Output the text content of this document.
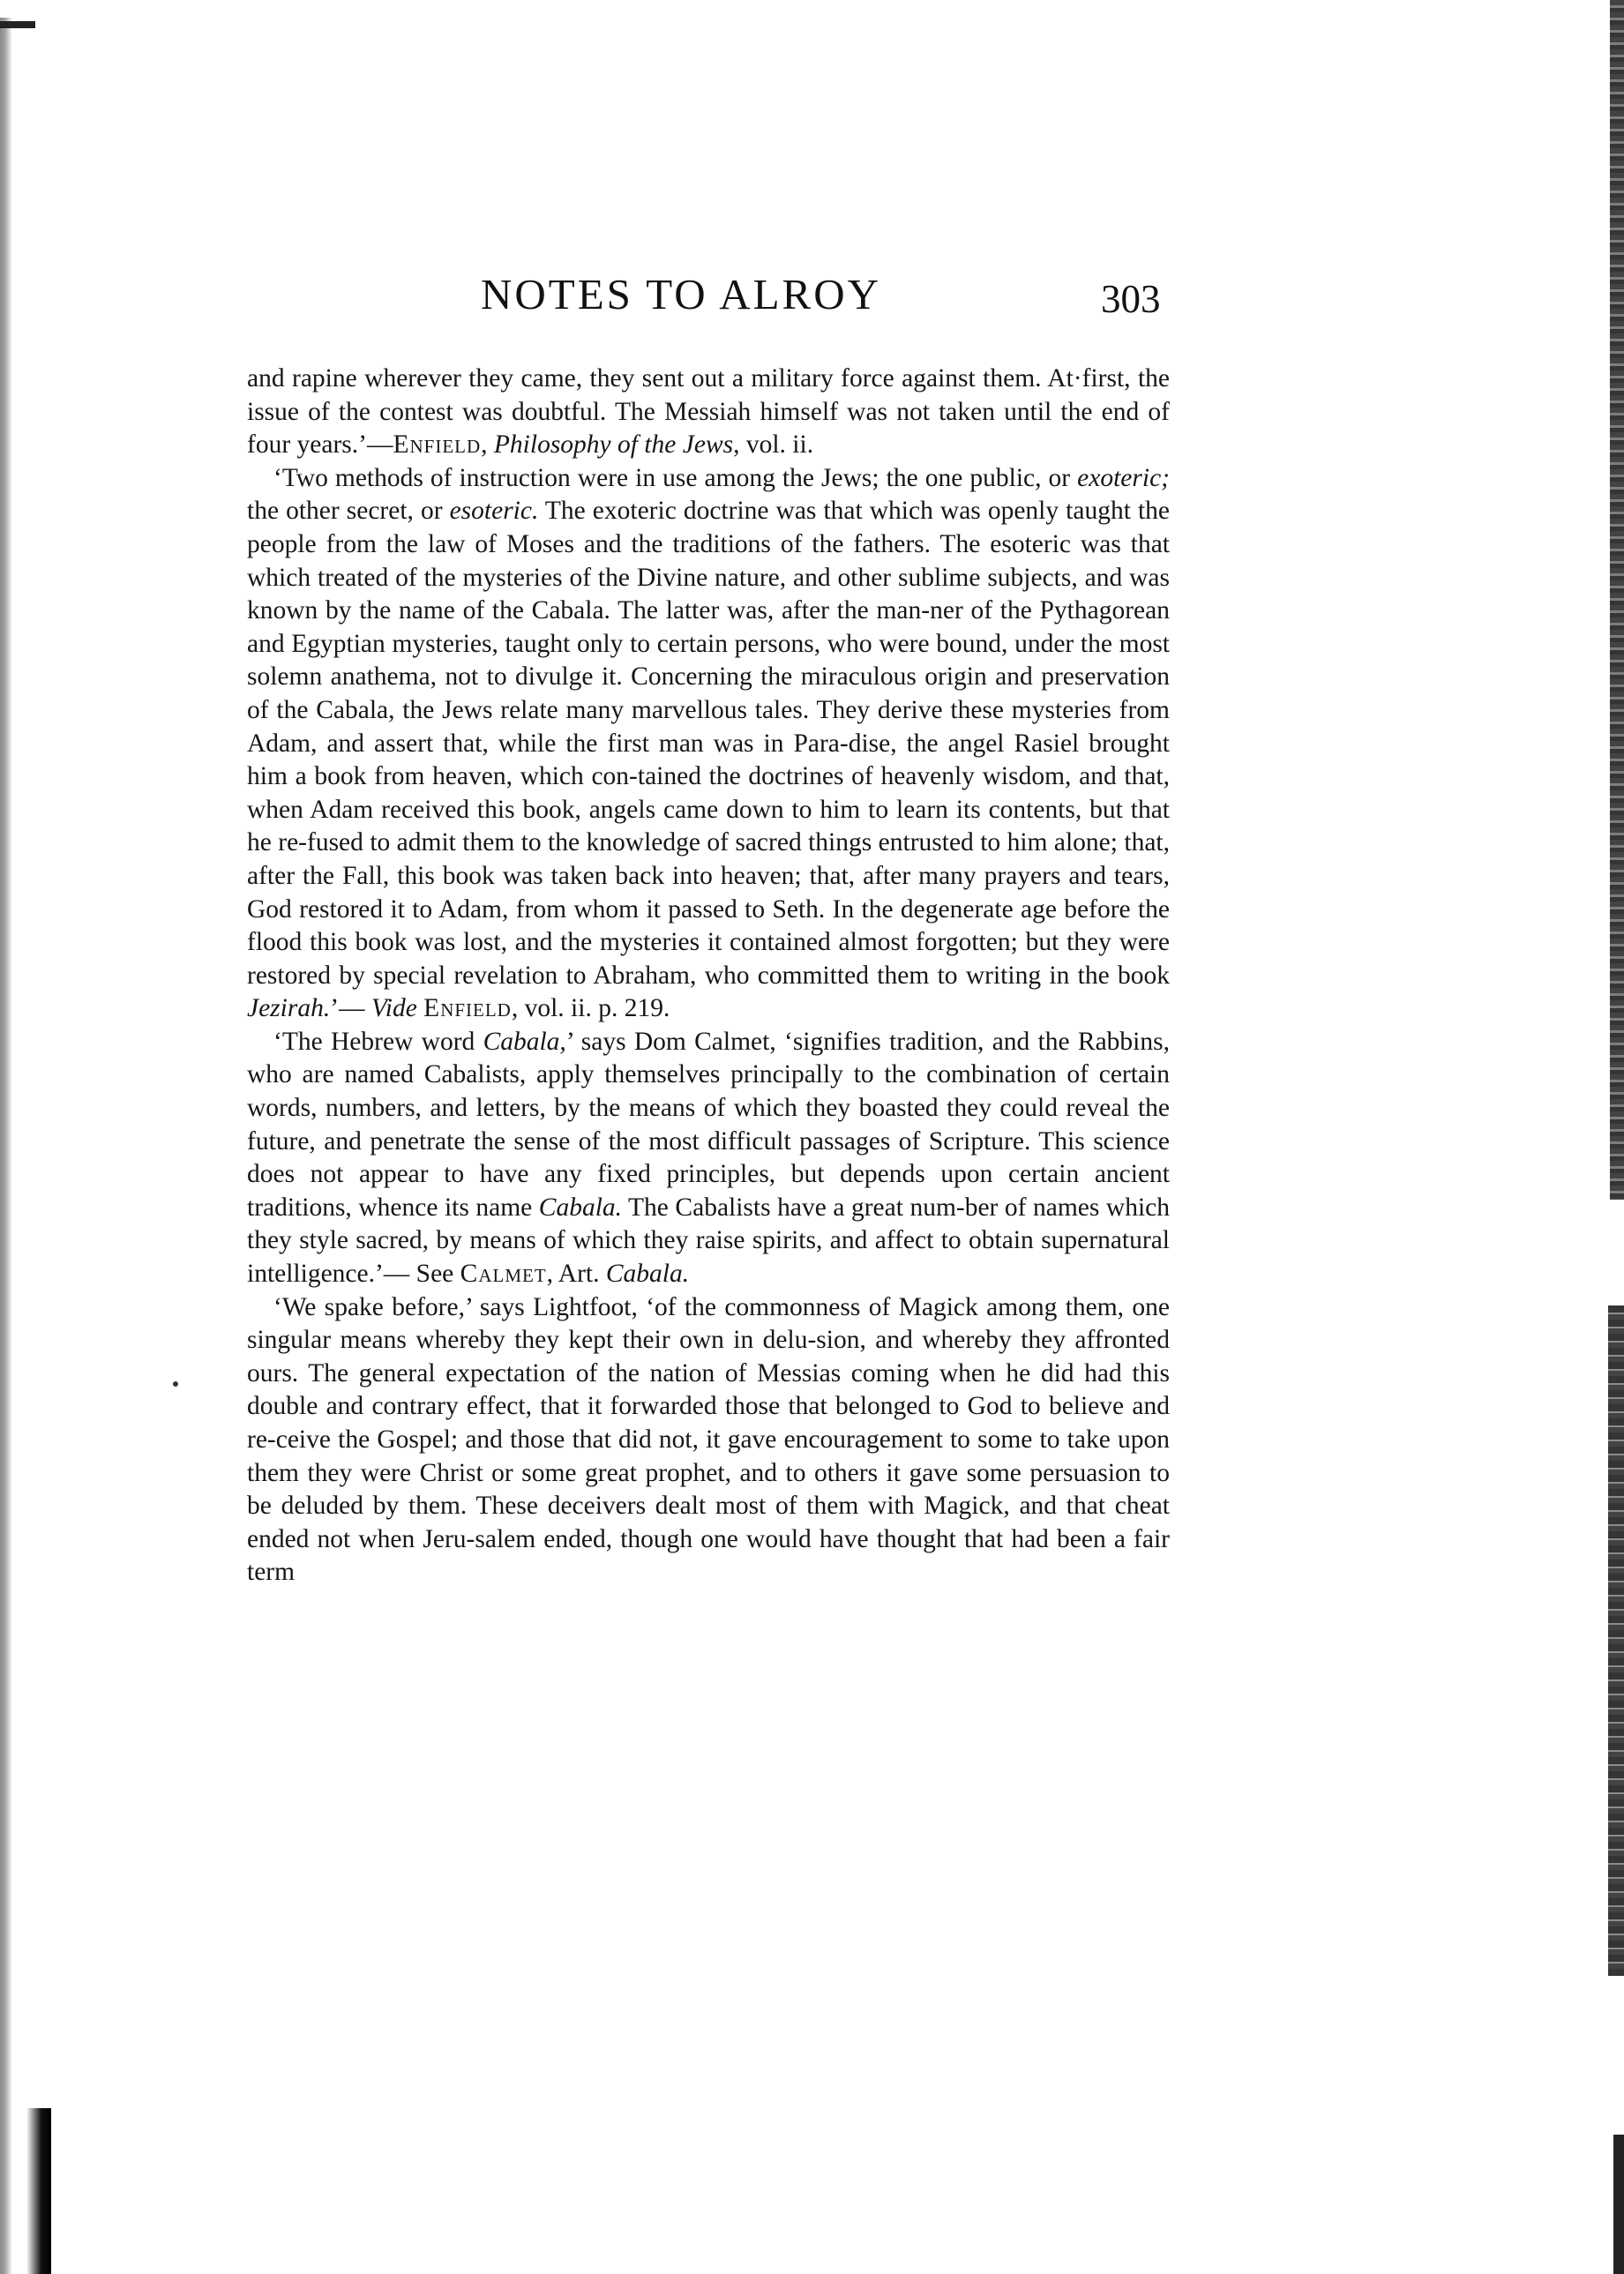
NOTES TO ALROY	303

and rapine wherever they came, they sent out a military force against them. At·first, the issue of the contest was doubtful. The Messiah himself was not taken until the end of four years.’—Enfield, Philosophy of the Jews, vol. ii.

‘Two methods of instruction were in use among the Jews; the one public, or exoteric; the other secret, or esoteric. The exoteric doctrine was that which was openly taught the people from the law of Moses and the traditions of the fathers. The esoteric was that which treated of the mysteries of the Divine nature, and other sublime subjects, and was known by the name of the Cabala. The latter was, after the man-ner of the Pythagorean and Egyptian mysteries, taught only to certain persons, who were bound, under the most solemn anathema, not to divulge it. Concerning the miraculous origin and preservation of the Cabala, the Jews relate many marvellous tales. They derive these mysteries from Adam, and assert that, while the first man was in Para-dise, the angel Rasiel brought him a book from heaven, which con-tained the doctrines of heavenly wisdom, and that, when Adam received this book, angels came down to him to learn its contents, but that he re-fused to admit them to the knowledge of sacred things entrusted to him alone; that, after the Fall, this book was taken back into heaven; that, after many prayers and tears, God restored it to Adam, from whom it passed to Seth. In the degenerate age before the flood this book was lost, and the mysteries it contained almost forgotten; but they were restored by special revelation to Abraham, who committed them to writing in the book Jezirah.’— Vide Enfield, vol. ii. p. 219.

‘The Hebrew word Cabala,’ says Dom Calmet, ‘signifies tradition, and the Rabbins, who are named Cabalists, apply themselves principally to the combination of certain words, numbers, and letters, by the means of which they boasted they could reveal the future, and penetrate the sense of the most difficult passages of Scripture. This science does not appear to have any fixed principles, but depends upon certain ancient traditions, whence its name Cabala. The Cabalists have a great num-ber of names which they style sacred, by means of which they raise spirits, and affect to obtain supernatural intelligence.’— See Calmet, Art. Cabala.

‘We spake before,’ says Lightfoot, ‘of the commonness of Magick among them, one singular means whereby they kept their own in delu-sion, and whereby they affronted ours. The general expectation of the nation of Messias coming when he did had this double and contrary effect, that it forwarded those that belonged to God to believe and re-ceive the Gospel; and those that did not, it gave encouragement to some to take upon them they were Christ or some great prophet, and to others it gave some persuasion to be deluded by them. These deceivers dealt most of them with Magick, and that cheat ended not when Jeru-salem ended, though one would have thought that had been a fair term
